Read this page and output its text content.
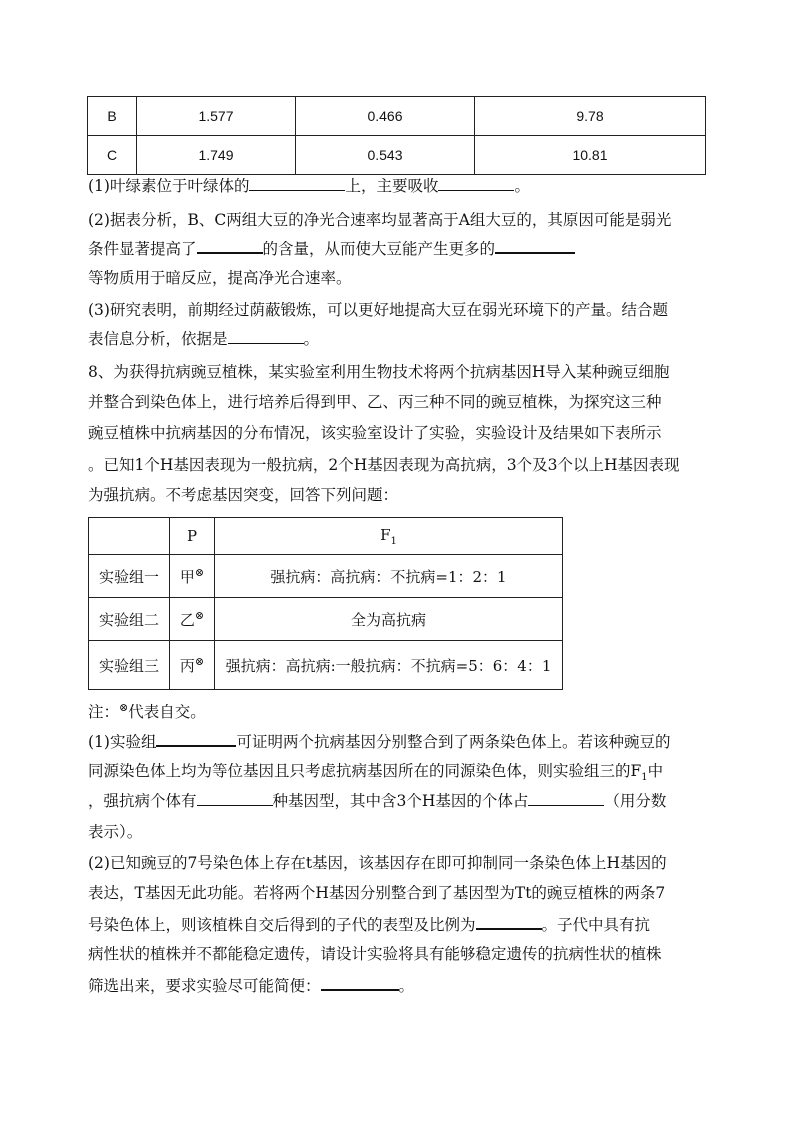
B	1.577	0.466	9.78
C	1.749	0.543	10.81
(1)叶绿素位于叶绿体的	上，主要吸收	。
(2)据表分析，B、C两组大豆的净光合速率均显著高于A组大豆的，其原因可能是弱光
条件显著提高了	的含量，从而使大豆能产生更多的
等物质用于暗反应，提高净光合速率。
(3)研究表明，前期经过荫蔽锻炼，可以更好地提高大豆在弱光环境下的产量。结合题
表信息分析，依据是	。
8、为获得抗病豌豆植株，某实验室利用生物技术将两个抗病基因H导入某种豌豆细胞
并整合到染色体上，进行培养后得到甲、乙、丙三种不同的豌豆植株，为探究这三种
豌豆植株中抗病基因的分布情况，该实验室设计了实验，实验设计及结果如下表所示
。已知1个H基因表现为一般抗病，2个H基因表现为高抗病，3个及3个以上H基因表现
为强抗病。不考虑基因突变，回答下列问题：
	P	$F_1$
实验组一	甲⊗	强抗病：高抗病：不抗病=1：2：1
实验组二	乙⊗	全为高抗病
实验组三	丙⊗	强抗病：高抗病:一般抗病：不抗病=5：6：4：1
注：⊗代表自交。
(1)实验组	可证明两个抗病基因分别整合到了两条染色体上。若该种豌豆的
同源染色体上均为等位基因且只考虑抗病基因所在的同源染色体，则实验组三的$F_1$中
，强抗病个体有	种基因型，其中含3个H基因的个体占	（用分数
表示）。
(2)已知豌豆的7号染色体上存在t基因，该基因存在即可抑制同一条染色体上H基因的
表达，T基因无此功能。若将两个H基因分别整合到了基因型为Tt的豌豆植株的两条7
号染色体上，则该植株自交后得到的子代的表型及比例为	。子代中具有抗
病性状的植株并不都能稳定遗传，请设计实验将具有能够稳定遗传的抗病性状的植株
筛选出来，要求实验尽可能简便：	。
